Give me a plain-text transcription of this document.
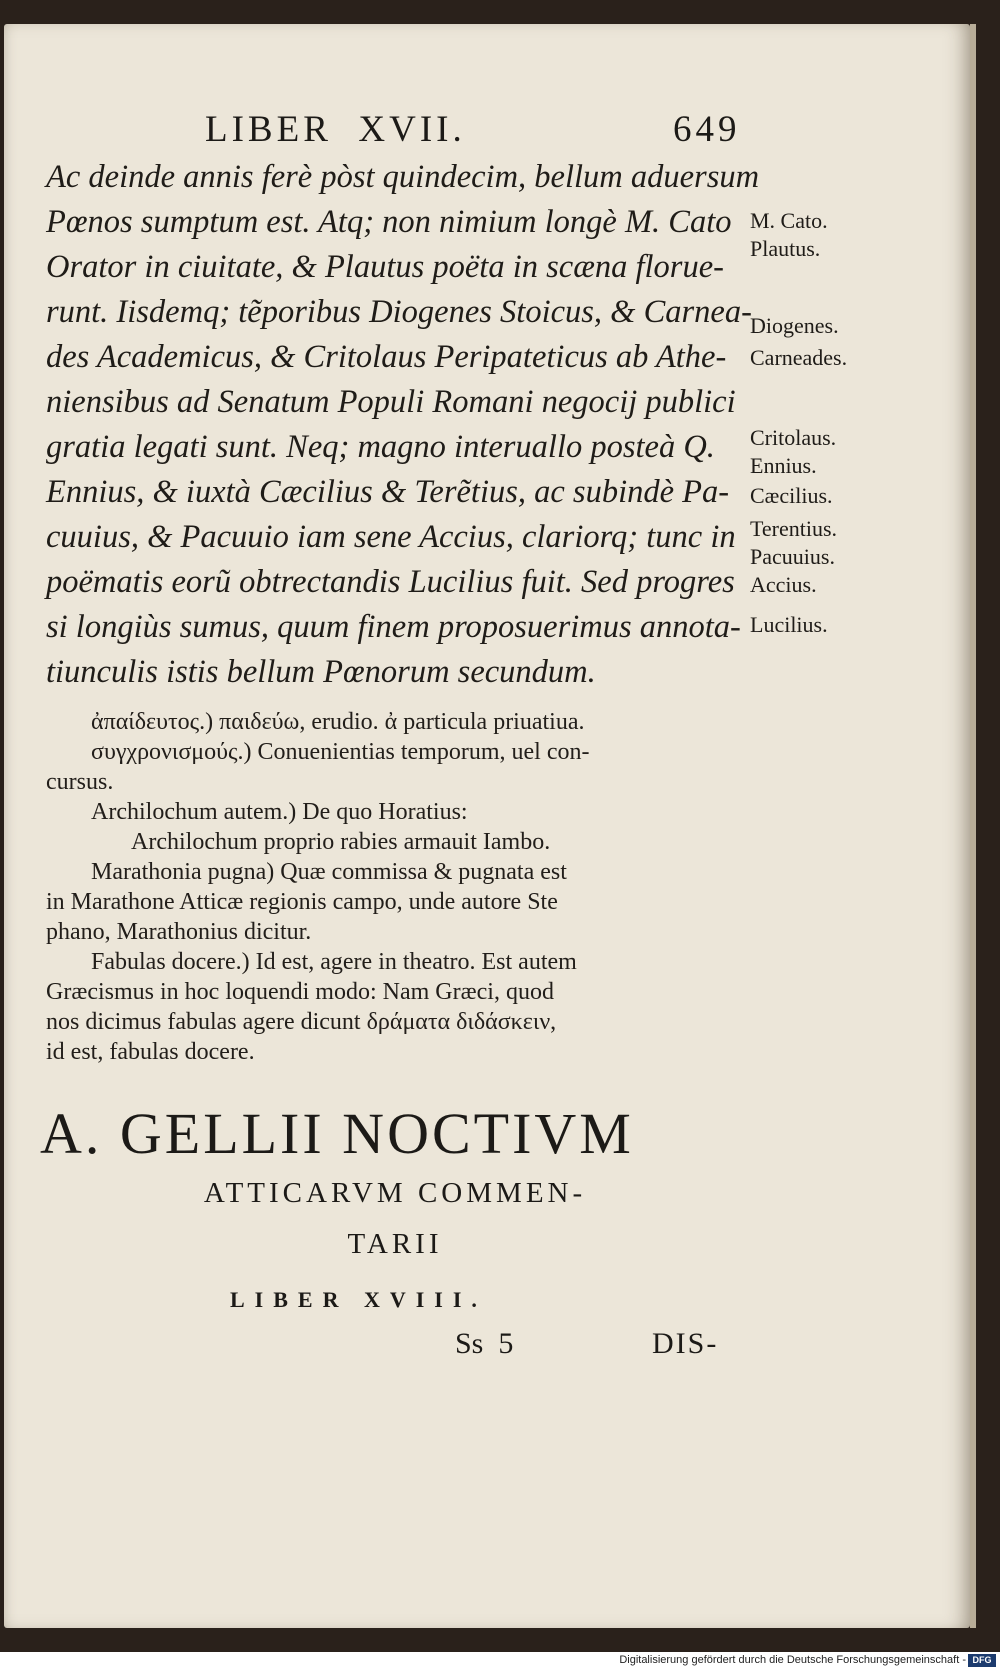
LIBER  XVII.	649
Ac deinde annis ferè pòst quindecim, bellum aduersum
Pœnos sumptum est. Atq; non nimium longè M. Cato
Orator in ciuitate, & Plautus poëta in scæna florue-
runt. Iisdemq; tẽporibus Diogenes Stoicus, & Carnea-
des Academicus, & Critolaus Peripateticus ab Athe-
niensibus ad Senatum Populi Romani negocij publici
gratia legati sunt. Neq; magno interuallo posteà Q.
Ennius, & iuxtà Cæcilius & Terẽtius, ac subindè Pa-
cuuius, & Pacuuio iam sene Accius, clariorq; tunc in
poëmatis eorũ obtrectandis Lucilius fuit. Sed progres
si longiùs sumus, quum finem proposuerimus annota-
tiunculis istis bellum Pœnorum secundum.
M. Cato.
Plautus.
Diogenes.
Carneades.
Critolaus.
Ennius.
Cæcilius.
Terentius.
Pacuuius.
Accius.
Lucilius.
ἀπαίδευτος.) παιδεύω, erudio. ἀ particula priuatiua.
συγχρονισμούς.) Conuenientias temporum, uel con-
cursus.
Archilochum autem.) De quo Horatius:
Archilochum proprio rabies armauit Iambo.
Marathonia pugna) Quæ commissa & pugnata est
in Marathone Atticæ regionis campo, unde autore Ste
phano, Marathonius dicitur.
Fabulas docere.) Id est, agere in theatro. Est autem
Græcismus in hoc loquendi modo: Nam Græci, quod
nos dicimus fabulas agere dicunt δράματα διδάσκειν,
id est, fabulas docere.
A. GELLII NOCTIVM
ATTICARVM COMMEN-
TARII
LIBER XVIII.
Ss  5	DIS-
Digitalisierung gefördert durch die Deutsche Forschungsgemeinschaft - DFG
